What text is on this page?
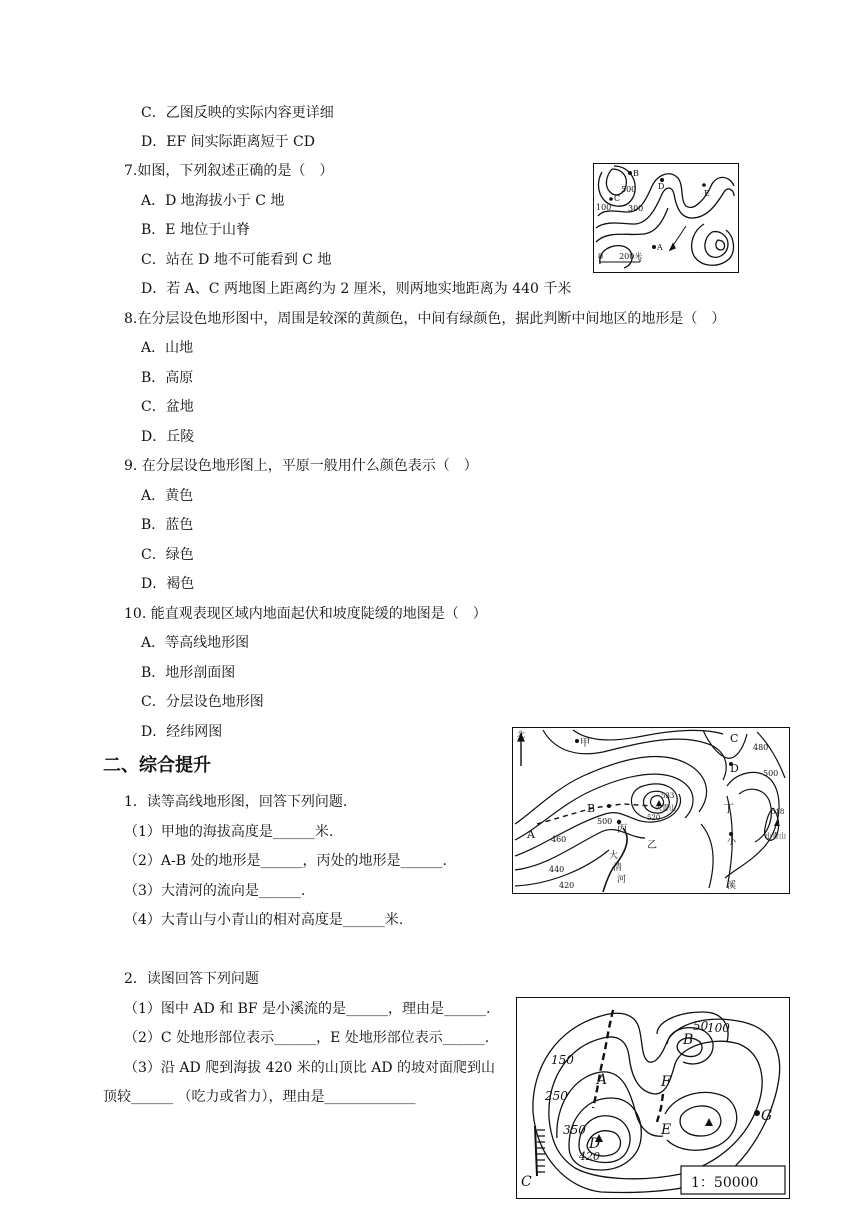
C．乙图反映的实际内容更详细
D．EF 间实际距离短于 CD
7.如图，下列叙述正确的是（　）
A．D 地海拔小于 C 地
B．E 地位于山脊
C．站在 D 地不可能看到 C 地
D．若 A、C 两地图上距离约为 2 厘米，则两地实地距离为 440 千米
B
500	D
C
E
100 300
A
0　　200米
8.在分层设色地形图中，周围是较深的黄颜色，中间有绿颜色，据此判断中间地区的地形是（　）
A．山地
B．高原
C．盆地
D．丘陵
9. 在分层设色地形图上，平原一般用什么颜色表示（　）
A．黄色
B．蓝色
C．绿色
D．褐色
10. 能直观表现区域内地面起伏和坡度陡缓的地图是（　）
A．等高线地形图
B．地形剖面图
C．分层设色地形图
D．经纬网图
二、综合提升
1．读等高线地形图，回答下列问题.
（1）甲地的海拔高度是______米.
（2）A-B 处的地形是______，丙处的地形是______.
（3）大清河的流向是______.
（4）大青山与小青山的相对高度是______米.
北
甲	C
480
D	500
A
B
500
533
大青山
520
丁	518
小青山
460
丙
乙
440
大
清
河
420
小
溪
2．读图回答下列问题
（1）图中 AD 和 BF 是小溪流的是______，理由是______.
（2）C 处地形部位表示______，E 处地形部位表示______.
（3）沿 AD 爬到海拔 420 米的山顶比 AD 的坡对面爬到山
顶较______ （吃力或省力），理由是_____________
150
A
100
B
50
250
F
G
350
D
420
E
C	1：50000
